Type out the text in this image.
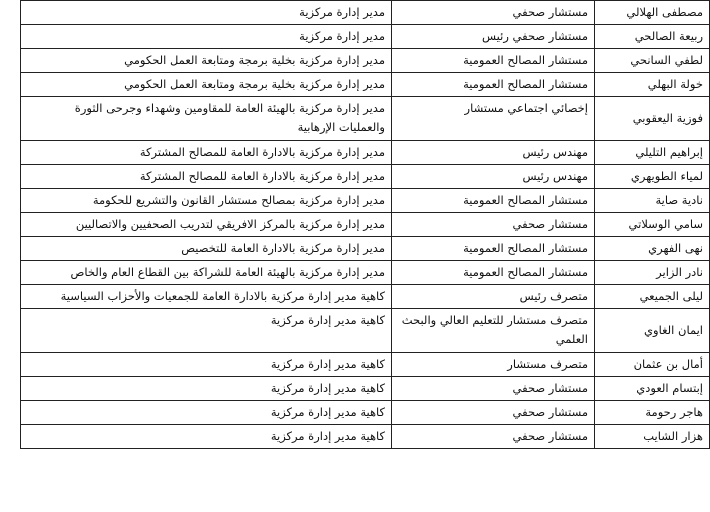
مصطفى الهلالي	مستشار صحفي	مدير إدارة مركزية
ربيعة الصالحي	مستشار صحفي رئيس	مدير إدارة مركزية
لطفي السانحي	مستشار المصالح العمومية	مدير إدارة مركزية بخلية برمجة ومتابعة العمل الحكومي
خولة البهلي	مستشار المصالح العمومية	مدير إدارة مركزية بخلية برمجة ومتابعة العمل الحكومي
فوزية اليعقوبي	إخصائي اجتماعي مستشار	مدير إدارة مركزية بالهيئة العامة للمقاومين وشهداء وجرحى الثورة والعمليات الإرهابية
إبراهيم التليلي	مهندس رئيس	مدير إدارة مركزية بالادارة العامة للمصالح المشتركة
لمياء الطويهري	مهندس رئيس	مدير إدارة مركزية بالادارة العامة للمصالح المشتركة
نادية صاية	مستشار المصالح العمومية	مدير إدارة مركزية بمصالح مستشار القانون والتشريع للحكومة
سامي الوسلاتي	مستشار صحفي	مدير إدارة مركزية بالمركز الافريقي لتدريب الصحفيين والاتصاليين
نهى الفهري	مستشار المصالح العمومية	مدير إدارة مركزية بالادارة العامة للتخصيص
نادر الزاير	مستشار المصالح العمومية	مدير إدارة مركزية بالهيئة العامة للشراكة بين القطاع العام والخاص
ليلى الجميعي	متصرف رئيس	كاهية مدير إدارة مركزية بالادارة العامة للجمعيات والأحزاب السياسية
ايمان الغاوي	متصرف مستشار للتعليم العالي والبحث العلمي	كاهية مدير إدارة مركزية
أمال بن عثمان	متصرف مستشار	كاهية مدير إدارة مركزية
إبتسام العودي	مستشار صحفي	كاهية مدير إدارة مركزية
هاجر رحومة	مستشار صحفي	كاهية مدير إدارة مركزية
هزار الشايب	مستشار صحفي	كاهية مدير إدارة مركزية
